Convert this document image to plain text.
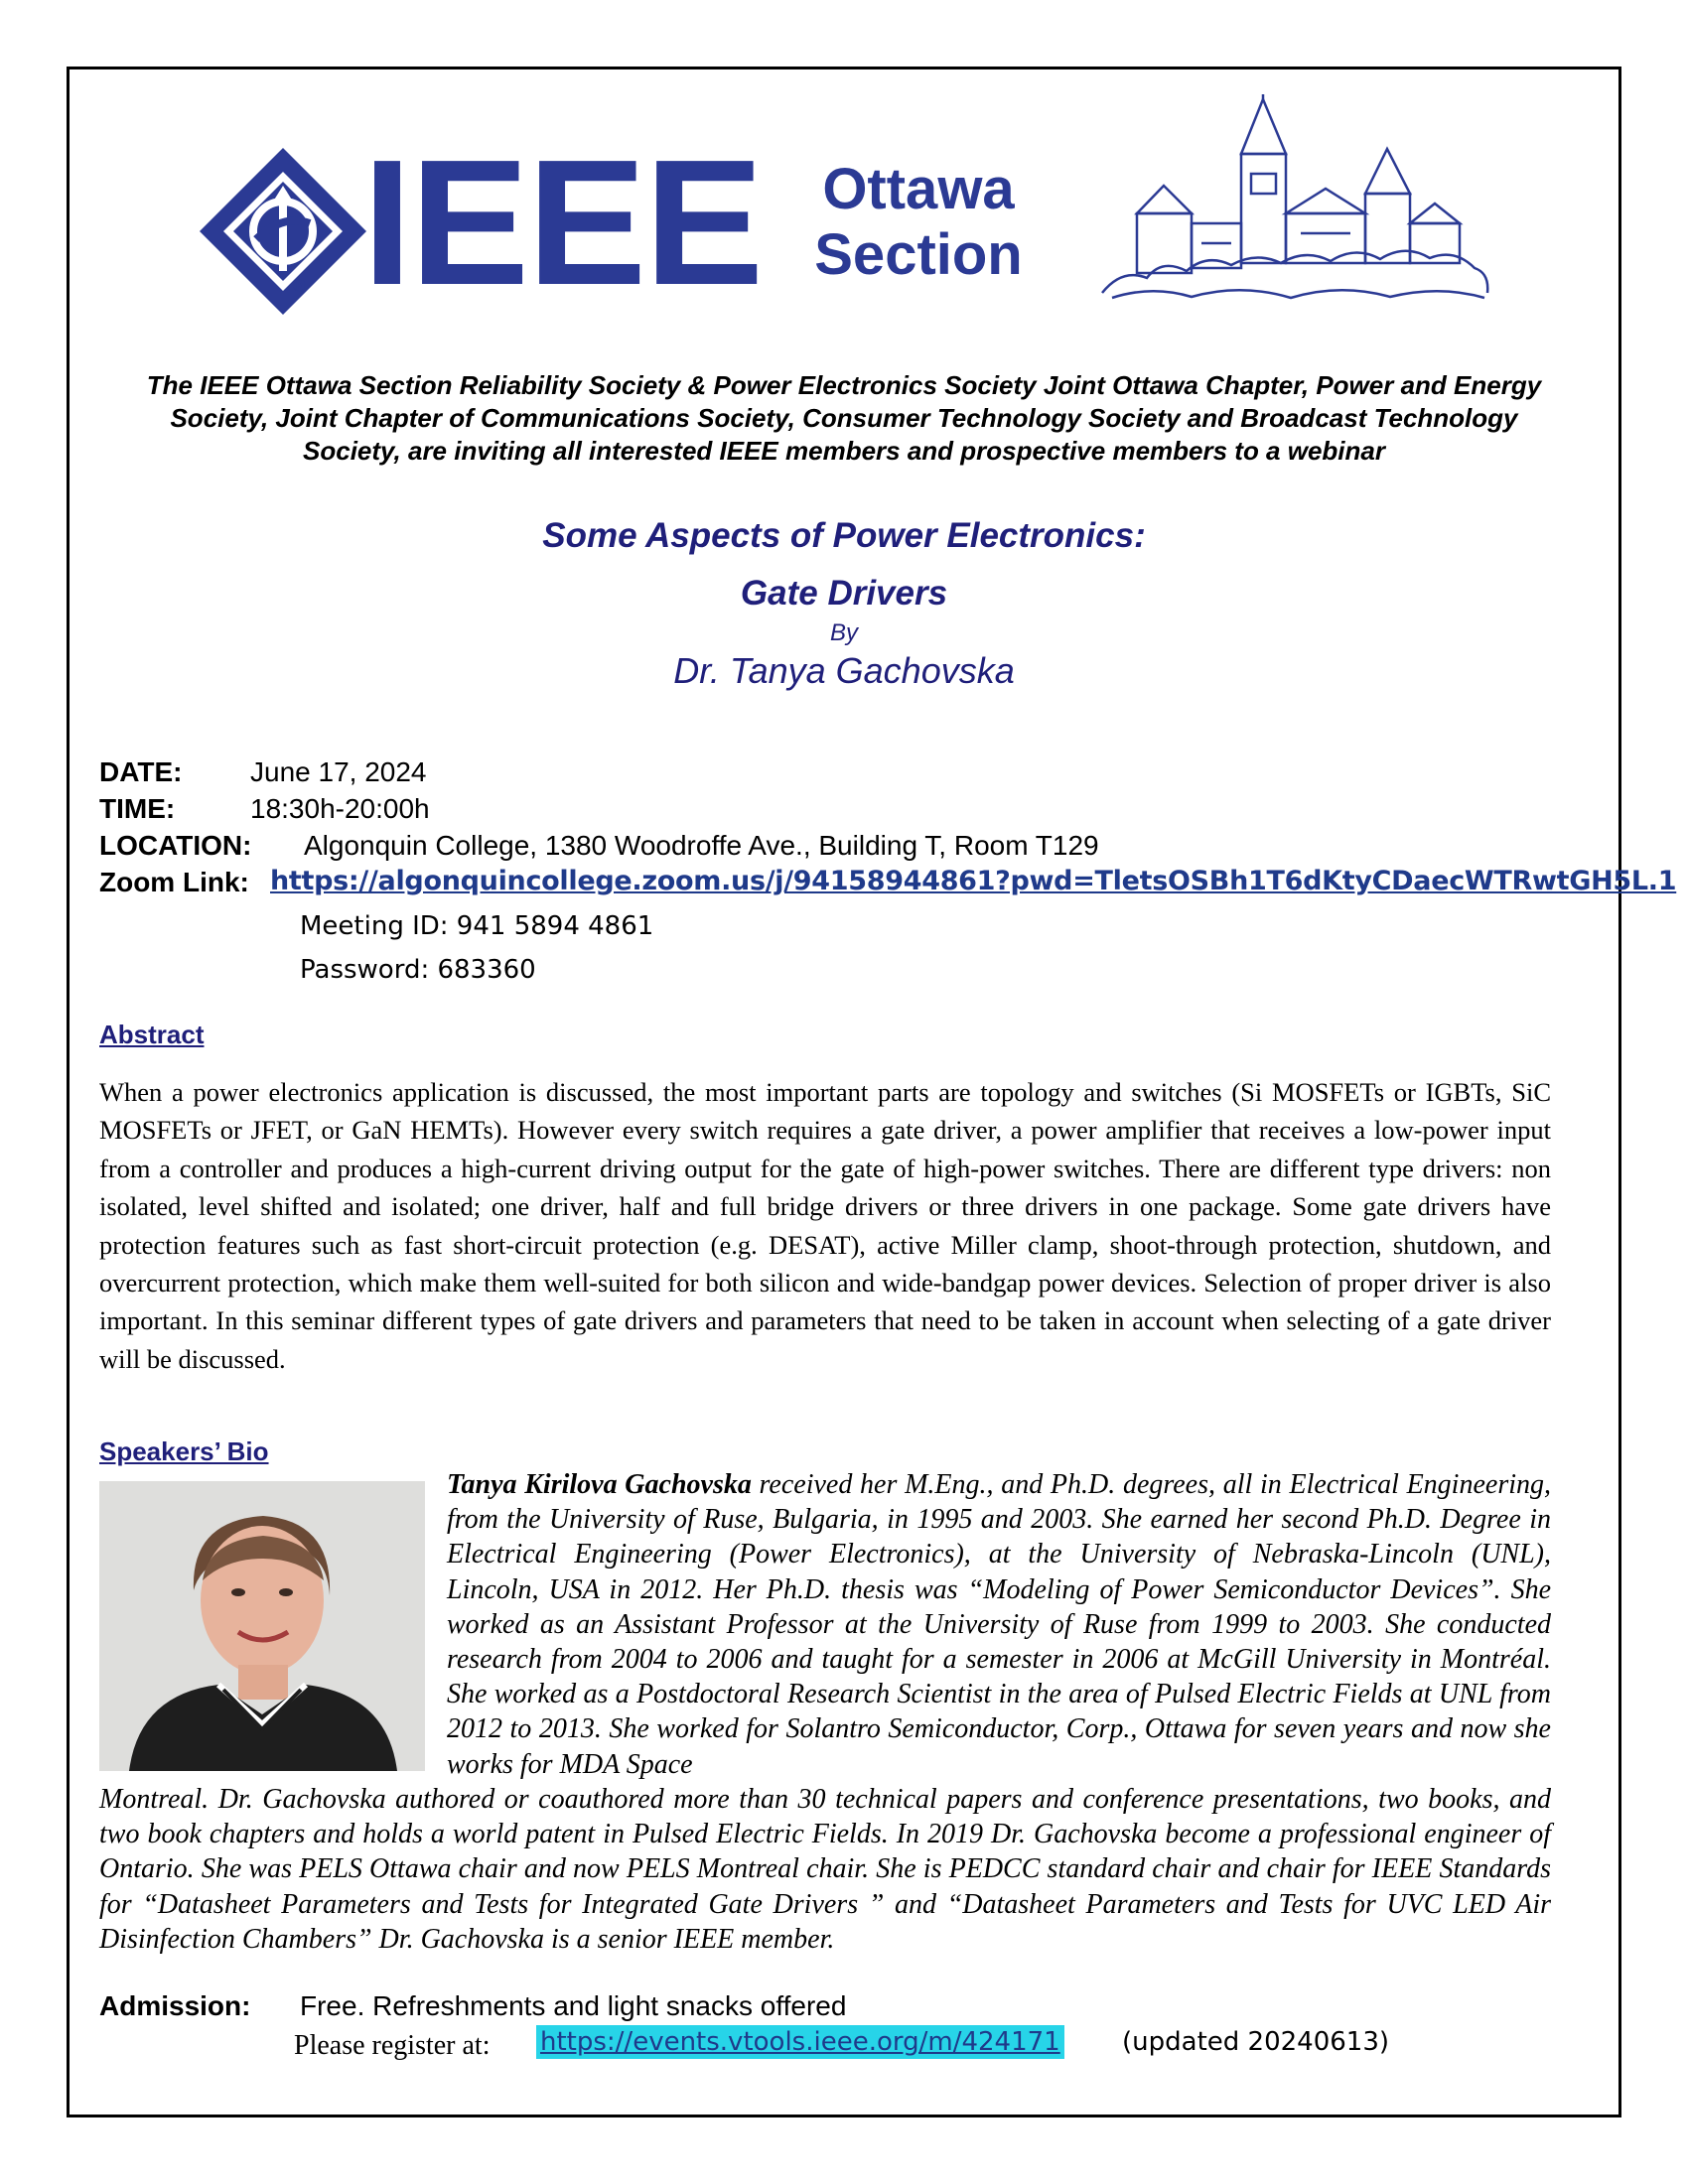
® IEEE	Ottawa
Section
The IEEE Ottawa Section Reliability Society & Power Electronics Society Joint Ottawa Chapter, Power and Energy Society, Joint Chapter of Communications Society, Consumer Technology Society and Broadcast Technology Society, are inviting all interested IEEE members and prospective members to a webinar
Some Aspects of Power Electronics:
Gate Drivers
By
Dr. Tanya Gachovska
DATE: June 17, 2024
TIME:	18:30h-20:00h
LOCATION: Algonquin College, 1380 Woodroffe Ave., Building T, Room T129
Zoom Link: https://algonquincollege.zoom.us/j/94158944861?pwd=TletsOSBh1T6dKtyCDaecWTRwtGH5L.1
Meeting ID: 941 5894 4861
Password: 683360
Abstract
When a power electronics application is discussed, the most important parts are topology and switches (Si MOSFETs or IGBTs, SiC MOSFETs or JFET, or GaN HEMTs). However every switch requires a gate driver, a power amplifier that receives a low-power input from a controller and produces a high-current driving output for the gate of high-power switches. There are different type drivers: non isolated, level shifted and isolated; one driver, half and full bridge drivers or three drivers in one package. Some gate drivers have protection features such as fast short-circuit protection (e.g. DESAT), active Miller clamp, shoot-through protection, shutdown, and overcurrent protection, which make them well-suited for both silicon and wide-bandgap power devices. Selection of proper driver is also important. In this seminar different types of gate drivers and parameters that need to be taken in account when selecting of a gate driver will be discussed.
Speakers’ Bio
Tanya Kirilova Gachovska received her M.Eng., and Ph.D. degrees, all in Electrical Engineering, from the University of Ruse, Bulgaria, in 1995 and 2003. She earned her second Ph.D. Degree in Electrical Engineering (Power Electronics), at the University of Nebraska-Lincoln (UNL), Lincoln, USA in 2012. Her Ph.D. thesis was “Modeling of Power Semiconductor Devices”. She worked as an Assistant Professor at the University of Ruse from 1999 to 2003. She conducted research from 2004 to 2006 and taught for a semester in 2006 at McGill University in Montréal. She worked as a Postdoctoral Research Scientist in the area of Pulsed Electric Fields at UNL from 2012 to 2013. She worked for Solantro Semiconductor, Corp., Ottawa for seven years and now she works for MDA Space
Montreal. Dr. Gachovska authored or coauthored more than 30 technical papers and conference presentations, two books, and two book chapters and holds a world patent in Pulsed Electric Fields. In 2019 Dr. Gachovska become a professional engineer of Ontario. She was PELS Ottawa chair and now PELS Montreal chair. She is PEDCC standard chair and chair for IEEE Standards for “Datasheet Parameters and Tests for Integrated Gate Drivers ” and “Datasheet Parameters and Tests for UVC LED Air Disinfection Chambers” Dr. Gachovska is a senior IEEE member.
Admission: Free. Refreshments and light snacks offered
Please register at: https://events.vtools.ieee.org/m/424171 (updated 20240613)
